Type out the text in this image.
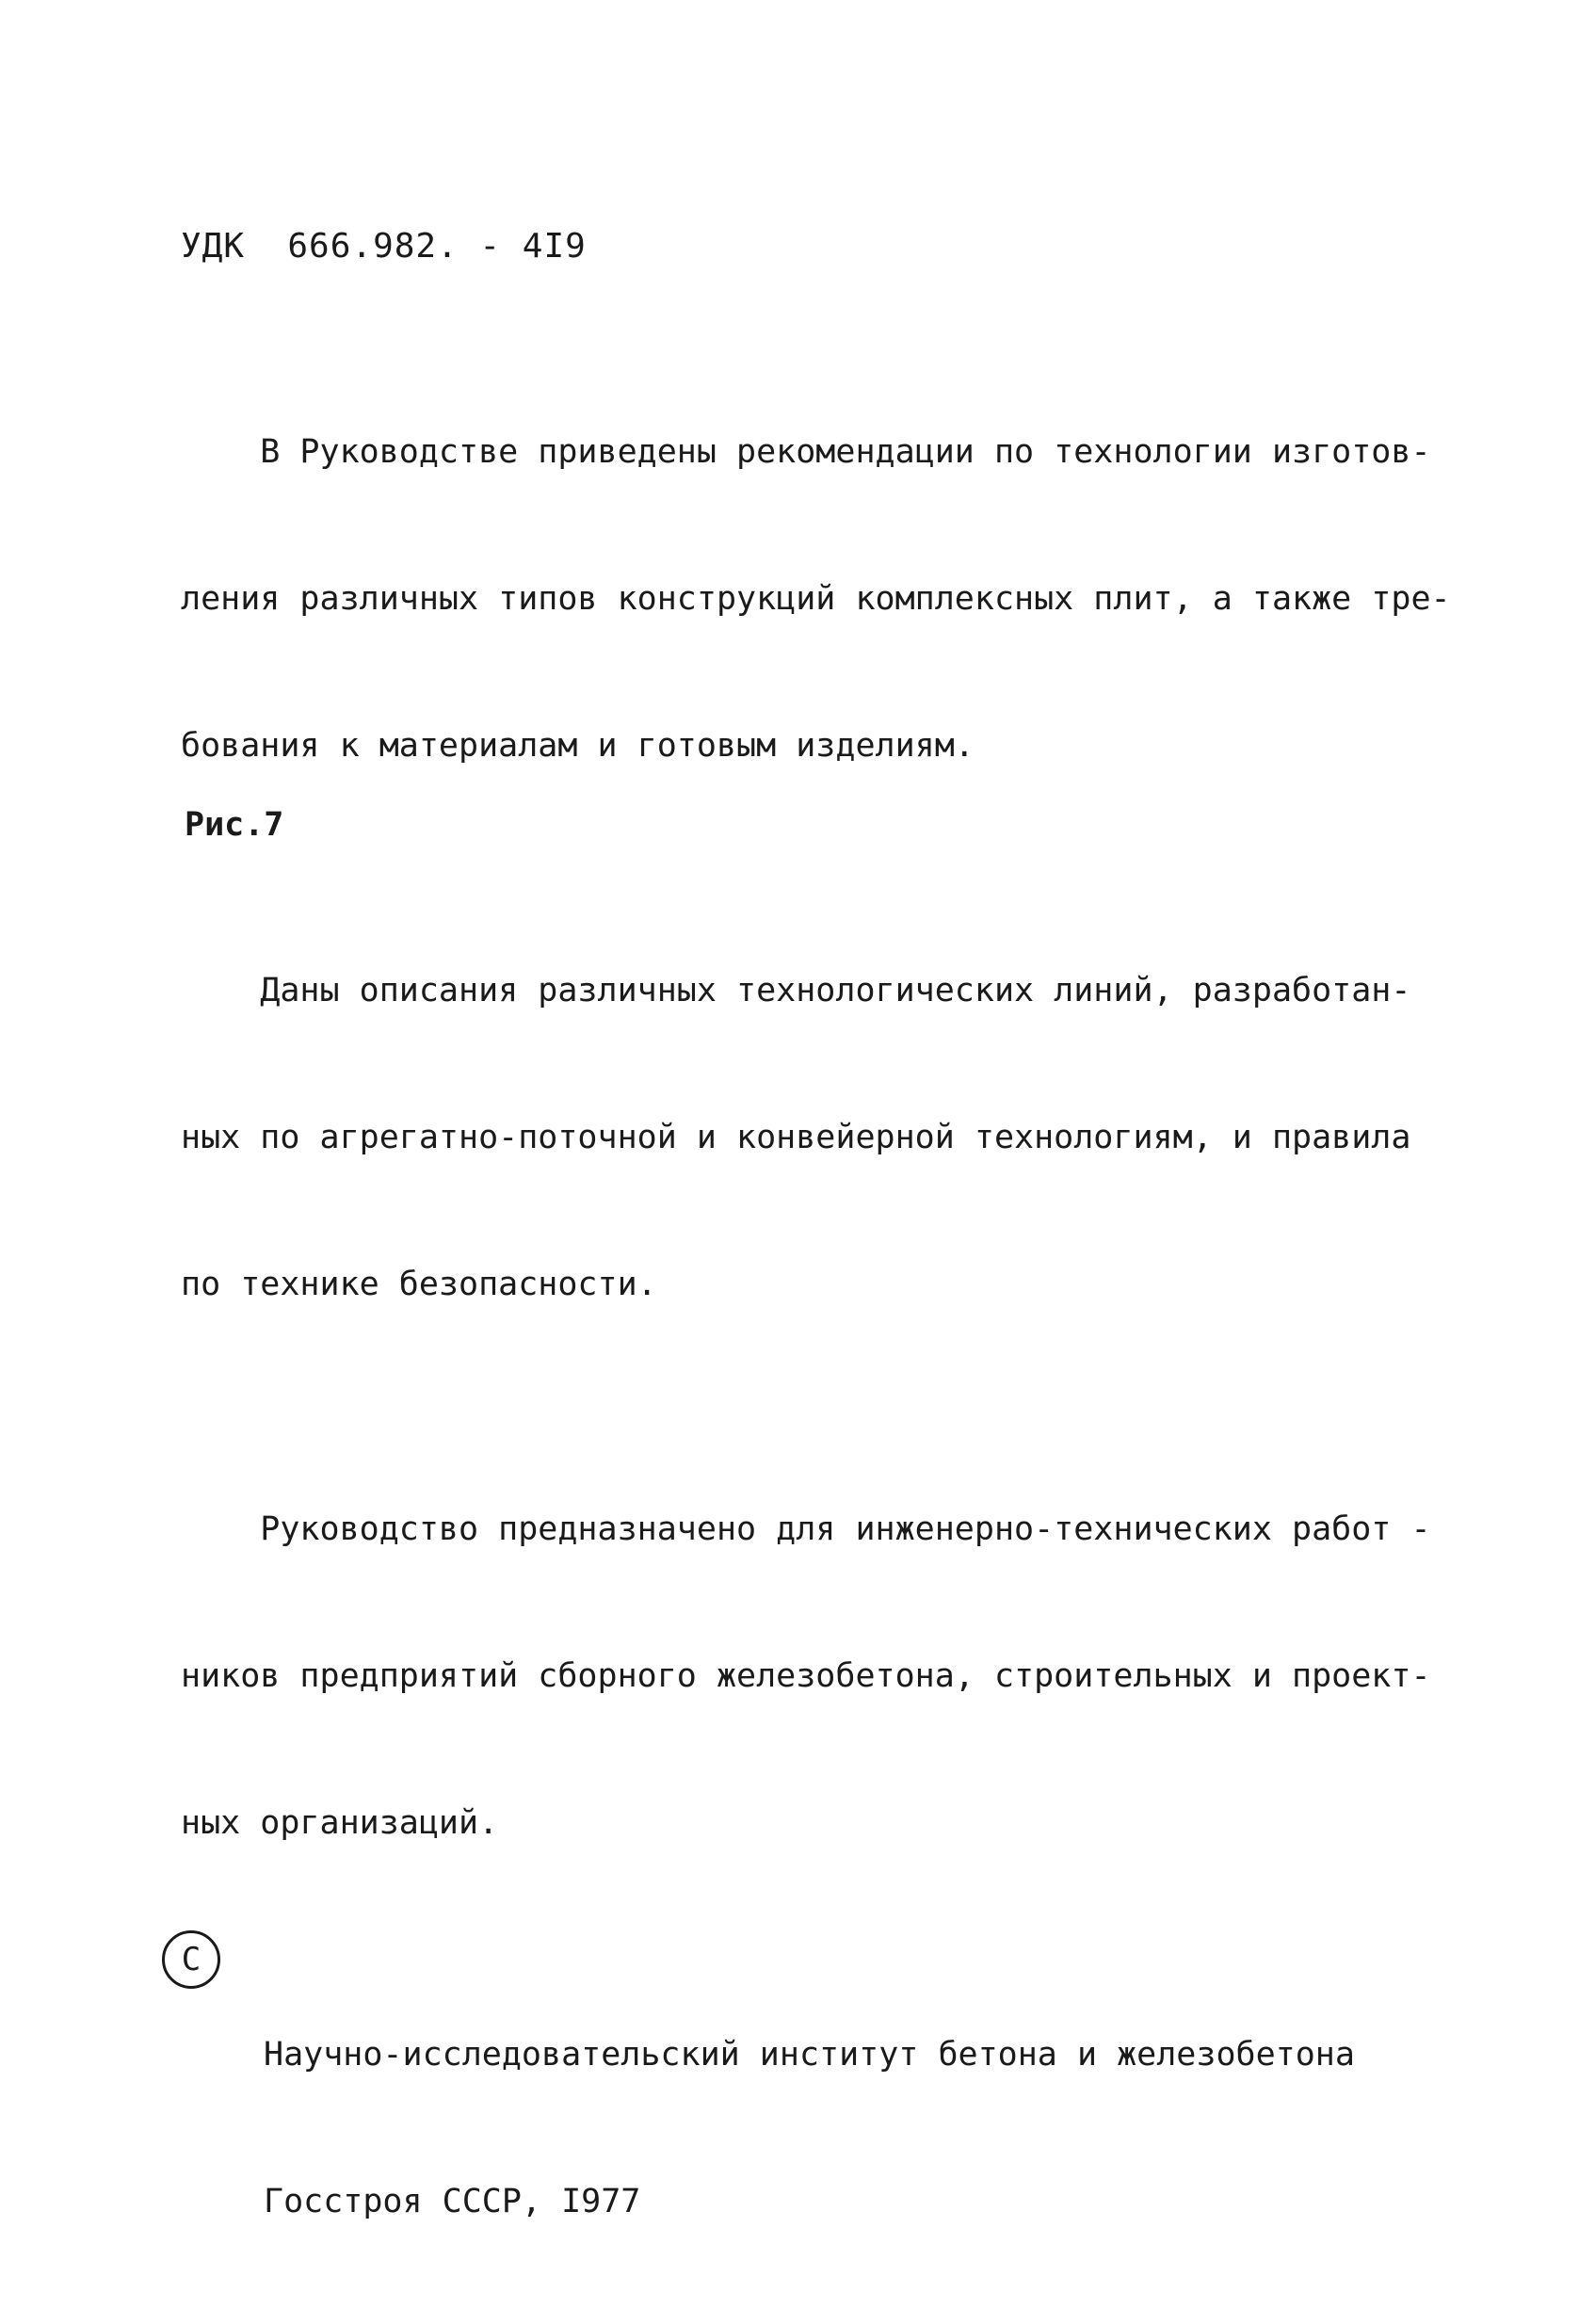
УДК  666.982. - 4I9

В Руководстве приведены рекомендации по технологии изготов-

ления различных типов конструкций комплексных плит, а также тре-

бования к материалам и готовым изделиям.

Даны описания различных технологических линий, разработан-

ных по агрегатно-поточной и конвейерной технологиям, и правила

по технике безопасности.

Руководство предназначено для инженерно-технических работ -

ников предприятий сборного железобетона, строительных и проект-

ных организаций.

Рис.7
C

Научно-исследовательский институт бетона и железобетона

Госстроя СССР, I977
